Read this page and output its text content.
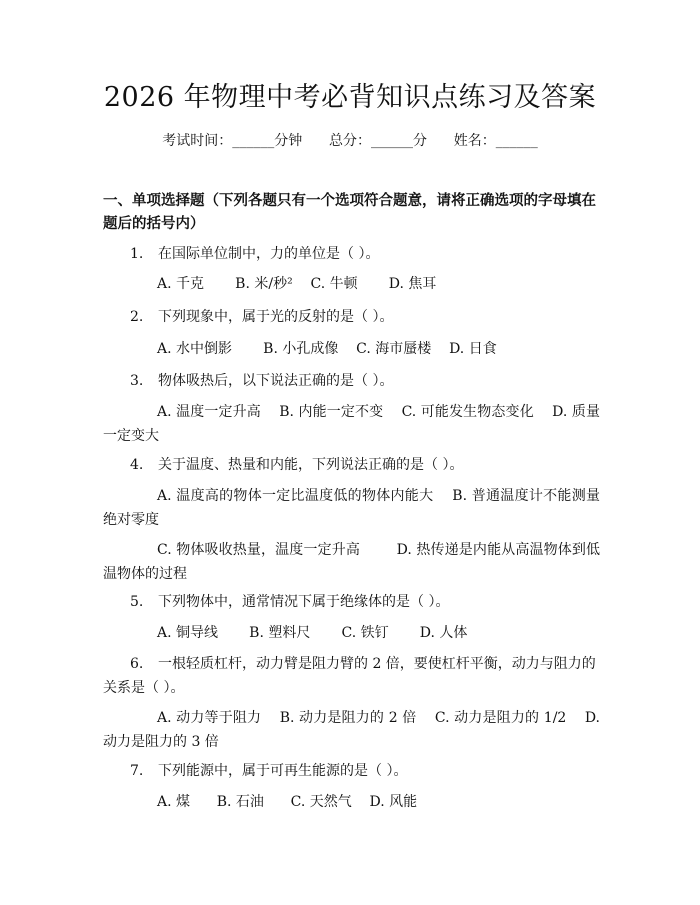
2026 年物理中考必背知识点练习及答案
考试时间：______分钟      总分：______分      姓名：______
一、单项选择题（下列各题只有一个选项符合题意，请将正确选项的字母填在题后的括号内）
1. 在国际单位制中，力的单位是（ ）。
A. 千克       B. 米/秒²    C. 牛顿       D. 焦耳
2. 下列现象中，属于光的反射的是（ ）。
A. 水中倒影       B. 小孔成像    C. 海市蜃楼    D. 日食
3. 物体吸热后，以下说法正确的是（ ）。
A. 温度一定升高    B. 内能一定不变    C. 可能发生物态变化    D. 质量一定变大
4. 关于温度、热量和内能，下列说法正确的是（ ）。
A. 温度高的物体一定比温度低的物体内能大    B. 普通温度计不能测量绝对零度
C. 物体吸收热量，温度一定升高        D. 热传递是内能从高温物体到低温物体的过程
5. 下列物体中，通常情况下属于绝缘体的是（ ）。
A. 铜导线       B. 塑料尺       C. 铁钉       D. 人体
6. 一根轻质杠杆，动力臂是阻力臂的 2 倍，要使杠杆平衡，动力与阻力的关系是（ ）。
A. 动力等于阻力    B. 动力是阻力的 2 倍    C. 动力是阻力的 1/2    D. 动力是阻力的 3 倍
7. 下列能源中，属于可再生能源的是（ ）。
A. 煤      B. 石油      C. 天然气    D. 风能
